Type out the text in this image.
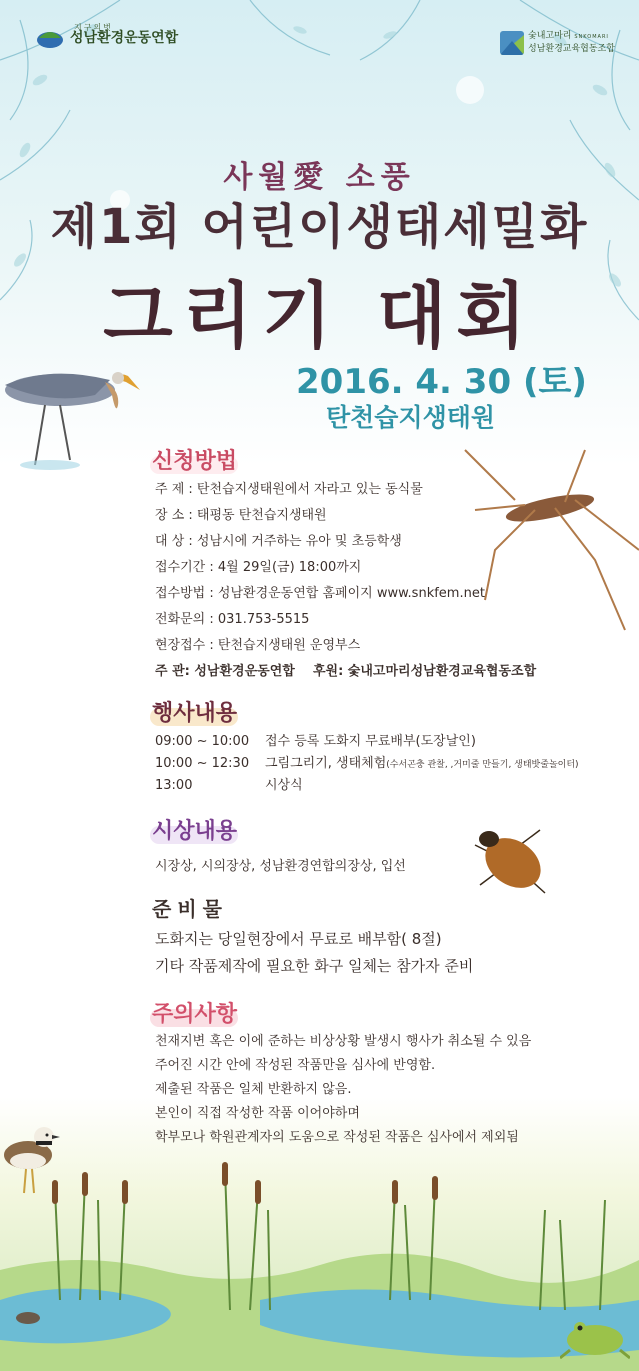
지구의벗
성남환경운동연합	숯내고마리 SNKOMARI
성남환경교육협동조합
사월愛 소풍
제1회 어린이생태세밀화
그리기 대회
2016. 4. 30 (토)
탄천습지생태원
신청방법
주 제 : 탄천습지생태원에서 자라고 있는 동식물
장 소 : 태평동 탄천습지생태원
대 상 : 성남시에 거주하는 유아 및 초등학생
접수기간 : 4월 29일(금) 18:00까지
접수방법 : 성남환경운동연합 홈페이지 www.snkfem.net
전화문의 : 031.753-5515
현장접수 : 탄천습지생태원 운영부스
주 관: 성남환경운동연합 후원: 숯내고마리성남환경교육협동조합
행사내용
09:00 ~ 10:00 접수 등록 도화지 무료배부(도장날인)
10:00 ~ 12:30 그림그리기, 생태체험(수서곤충 관찰, ,거미줄 만들기, 생태밧줄놀이터)
13:00	시상식
시상내용
시장상, 시의장상, 성남환경연합의장상, 입선
준비물
도화지는 당일현장에서 무료로 배부함( 8절)
기타 작품제작에 필요한 화구 일체는 참가자 준비
주의사항
천재지변 혹은 이에 준하는 비상상황 발생시 행사가 취소될 수 있음
주어진 시간 안에 작성된 작품만을 심사에 반영함.
제출된 작품은 일체 반환하지 않음.
본인이 직접 작성한 작품 이어야하며
학부모나 학원관계자의 도움으로 작성된 작품은 심사에서 제외됨
